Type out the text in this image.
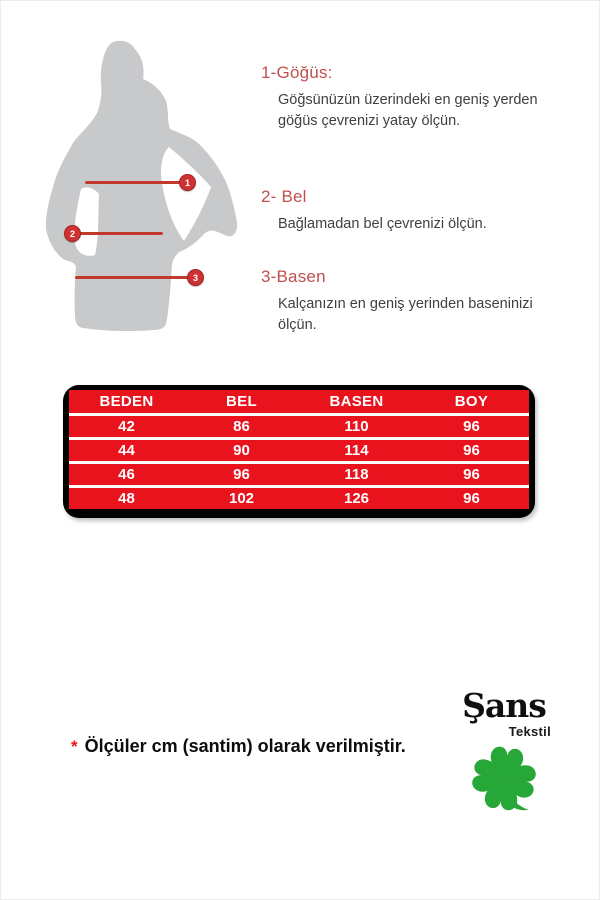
1
2
3
1-Göğüs:

Göğsünüzün üzerindeki en geniş yerden göğüs çevrenizi yatay ölçün.

2- Bel

Bağlamadan bel çevrenizi ölçün.

3-Basen

Kalçanızın en geniş yerinden baseninizi ölçün.

BEDEN	BEL	BASEN	BOY
42	86	110	96
44	90	114	96
46	96	118	96
48	102	126	96
* Ölçüler cm (santim) olarak verilmiştir.
Şans
Tekstil
